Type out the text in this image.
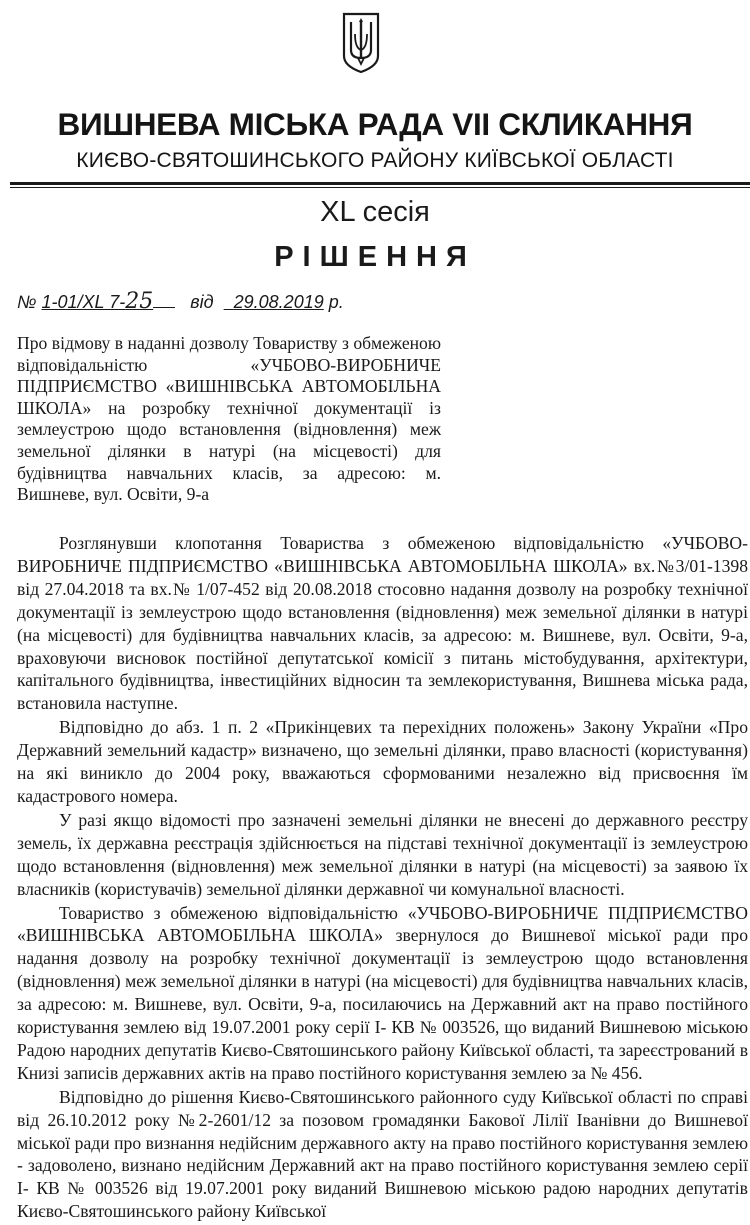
ВИШНЕВА МІСЬКА РАДА VII СКЛИКАННЯ
КИЄВО-СВЯТОШИНСЬКОГО РАЙОНУ КИЇВСЬКОЇ ОБЛАСТІ
XL сесія
РІШЕННЯ
№ 1-01/XL 7-25 від 29.08.2019 р.
Про відмову в наданні дозволу Товариству з обмеженою відповідальністю «УЧБОВО-ВИРОБНИЧЕ ПІДПРИЄМСТВО «ВИШНІВСЬКА АВТОМОБІЛЬНА ШКОЛА» на розробку технічної документації із землеустрою щодо встановлення (відновлення) меж земельної ділянки в натурі (на місцевості) для будівництва навчальних класів, за адресою: м. Вишневе, вул. Освіти, 9-а

Розглянувши клопотання Товариства з обмеженою відповідальністю «УЧБОВО-ВИРОБНИЧЕ ПІДПРИЄМСТВО «ВИШНІВСЬКА АВТОМОБІЛЬНА ШКОЛА» вх.№3/01-1398 від 27.04.2018 та вх.№ 1/07-452 від 20.08.2018 стосовно надання дозволу на розробку технічної документації із землеустрою щодо встановлення (відновлення) меж земельної ділянки в натурі (на місцевості) для будівництва навчальних класів, за адресою: м. Вишневе, вул. Освіти, 9-а, враховуючи висновок постійної депутатської комісії з питань містобудування, архітектури, капітального будівництва, інвестиційних відносин та землекористування, Вишнева міська рада, встановила наступне.

Відповідно до абз. 1 п. 2 «Прикінцевих та перехідних положень» Закону України «Про Державний земельний кадастр» визначено, що земельні ділянки, право власності (користування) на які виникло до 2004 року, вважаються сформованими незалежно від присвоєння їм кадастрового номера.

У разі якщо відомості про зазначені земельні ділянки не внесені до державного реєстру земель, їх державна реєстрація здійснюється на підставі технічної документації із землеустрою щодо встановлення (відновлення) меж земельної ділянки в натурі (на місцевості) за заявою їх власників (користувачів) земельної ділянки державної чи комунальної власності.

Товариство з обмеженою відповідальністю «УЧБОВО-ВИРОБНИЧЕ ПІДПРИЄМСТВО «ВИШНІВСЬКА АВТОМОБІЛЬНА ШКОЛА» звернулося до Вишневої міської ради про надання дозволу на розробку технічної документації із землеустрою щодо встановлення (відновлення) меж земельної ділянки в натурі (на місцевості) для будівництва навчальних класів, за адресою: м. Вишневе, вул. Освіти, 9-а, посилаючись на Державний акт на право постійного користування землею від 19.07.2001 року серії І- КВ № 003526, що виданий Вишневою міською Радою народних депутатів Києво-Святошинського району Київської області, та зареєстрований в Книзі записів державних актів на право постійного користування землею за № 456.

Відповідно до рішення Києво-Святошинського районного суду Київської області по справі від 26.10.2012 року №2-2601/12 за позовом громадянки Бакової Лілії Іванівни до Вишневої міської ради про визнання недійсним державного акту на право постійного користування землею - задоволено, визнано недійсним Державний акт на право постійного користування землею серії І- КВ № 003526 від 19.07.2001 року виданий Вишневою міською радою народних депутатів Києво-Святошинського району Київської
